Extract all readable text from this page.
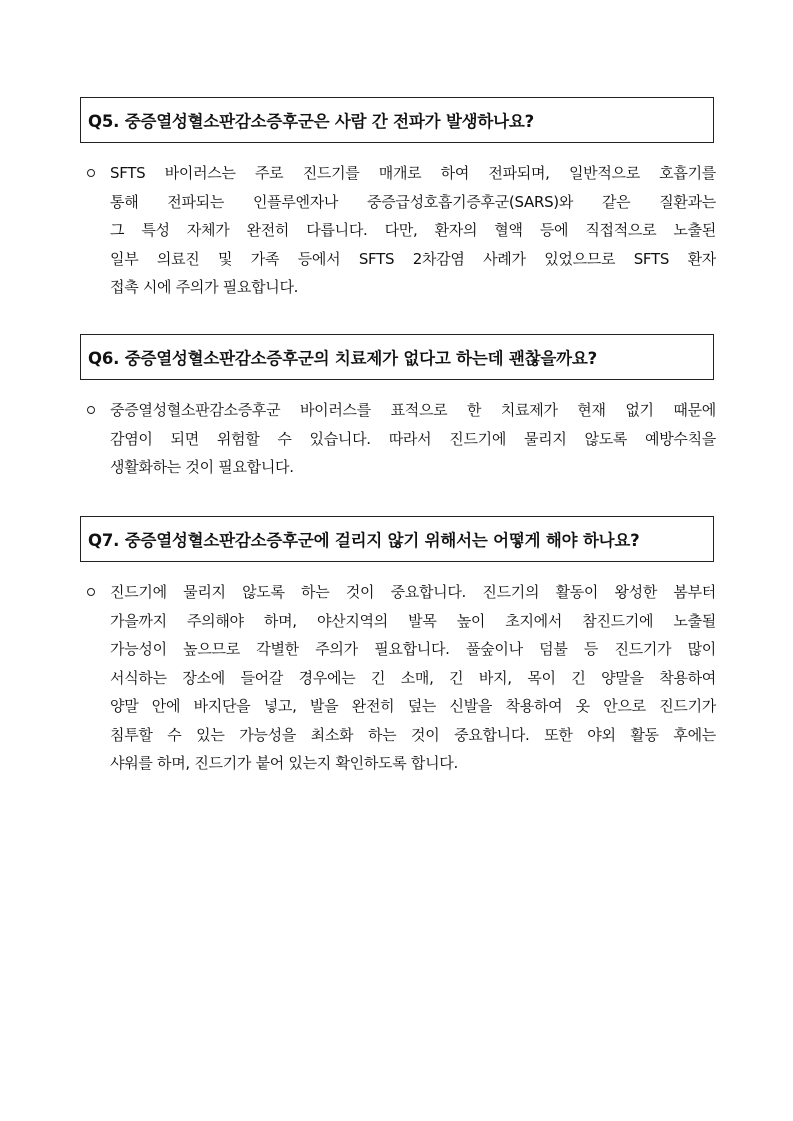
Q5. 중증열성혈소판감소증후군은 사람 간 전파가 발생하나요?
SFTS 바이러스는 주로 진드기를 매개로 하여 전파되며, 일반적으로 호흡기를
통해 전파되는 인플루엔자나 중증급성호흡기증후군(SARS)와 같은 질환과는
그 특성 자체가 완전히 다릅니다. 다만, 환자의 혈액 등에 직접적으로 노출된
일부 의료진 및 가족 등에서 SFTS 2차감염 사례가 있었으므로 SFTS 환자
접촉 시에 주의가 필요합니다.
Q6. 중증열성혈소판감소증후군의 치료제가 없다고 하는데 괜찮을까요?
중증열성혈소판감소증후군 바이러스를 표적으로 한 치료제가 현재 없기 때문에
감염이 되면 위험할 수 있습니다. 따라서 진드기에 물리지 않도록 예방수칙을
생활화하는 것이 필요합니다.
Q7. 중증열성혈소판감소증후군에 걸리지 않기 위해서는 어떻게 해야 하나요?
진드기에 물리지 않도록 하는 것이 중요합니다. 진드기의 활동이 왕성한 봄부터
가을까지 주의해야 하며, 야산지역의 발목 높이 초지에서 참진드기에 노출될
가능성이 높으므로 각별한 주의가 필요합니다. 풀숲이나 덤불 등 진드기가 많이
서식하는 장소에 들어갈 경우에는 긴 소매, 긴 바지, 목이 긴 양말을 착용하여
양말 안에 바지단을 넣고, 발을 완전히 덮는 신발을 착용하여 옷 안으로 진드기가
침투할 수 있는 가능성을 최소화 하는 것이 중요합니다. 또한 야외 활동 후에는
샤워를 하며, 진드기가 붙어 있는지 확인하도록 합니다.
